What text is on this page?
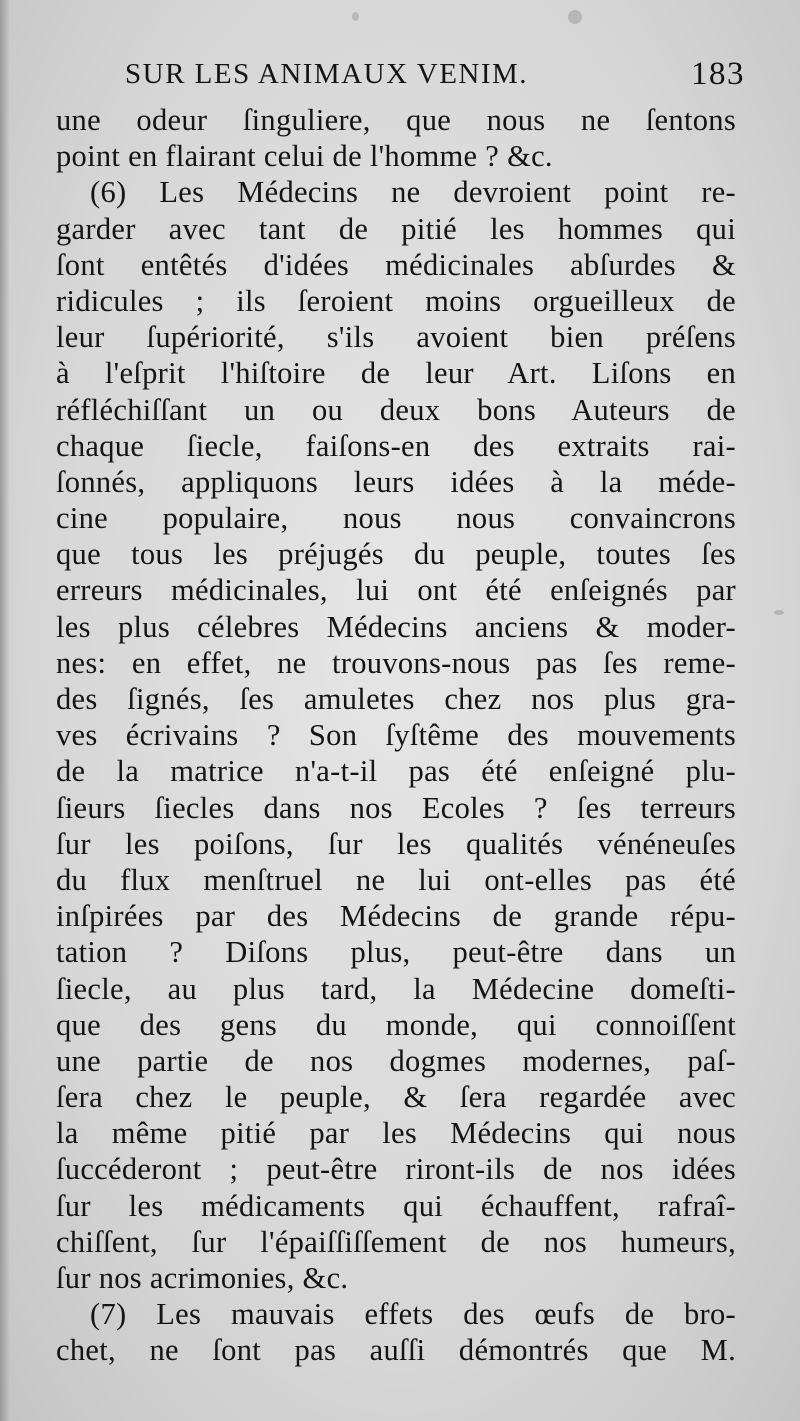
SUR LES ANIMAUX VENIM.	183
une odeur ſinguliere, que nous ne ſentons
point en flairant celui de l'homme ? &c.
(6) Les Médecins ne devroient point re-
garder avec tant de pitié les hommes qui
ſont entêtés d'idées médicinales abſurdes &
ridicules ; ils ſeroient moins orgueilleux de
leur ſupériorité, s'ils avoient bien préſens
à l'eſprit l'hiſtoire de leur Art. Liſons en
réfléchiſſant un ou deux bons Auteurs de
chaque ſiecle, faiſons-en des extraits rai-
ſonnés, appliquons leurs idées à la méde-
cine populaire, nous nous convaincrons
que tous les préjugés du peuple, toutes ſes
erreurs médicinales, lui ont été enſeignés par
les plus célebres Médecins anciens & moder-
nes: en effet, ne trouvons-nous pas ſes reme-
des ſignés, ſes amuletes chez nos plus gra-
ves écrivains ? Son ſyſtême des mouvements
de la matrice n'a-t-il pas été enſeigné plu-
ſieurs ſiecles dans nos Ecoles ? ſes terreurs
ſur les poiſons, ſur les qualités vénéneuſes
du flux menſtruel ne lui ont-elles pas été
inſpirées par des Médecins de grande répu-
tation ? Diſons plus, peut-être dans un
ſiecle, au plus tard, la Médecine domeſti-
que des gens du monde, qui connoiſſent
une partie de nos dogmes modernes, paſ-
ſera chez le peuple, & ſera regardée avec
la même pitié par les Médecins qui nous
ſuccéderont ; peut-être riront-ils de nos idées
ſur les médicaments qui échauffent, rafraî-
chiſſent, ſur l'épaiſſiſſement de nos humeurs,
ſur nos acrimonies, &c.
(7) Les mauvais effets des œufs de bro-
chet, ne ſont pas auſſi démontrés que M.
